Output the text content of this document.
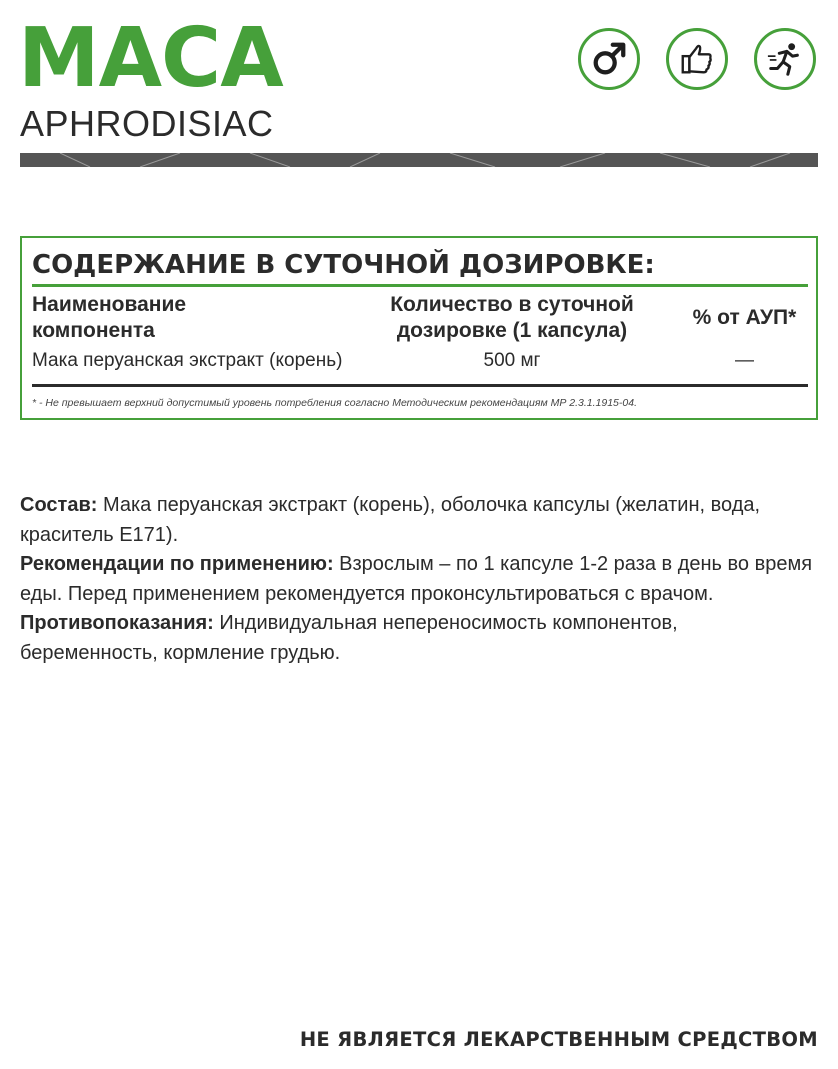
MACA
APHRODISIAC
СОДЕРЖАНИЕ В СУТОЧНОЙ ДОЗИРОВКЕ:
Наименование компонента
Количество в суточной дозировке (1 капсула)
% от АУП*
Мака перуанская экстракт (корень)	500 мг	—
* - Не превышает верхний допустимый уровень потребления согласно Методическим рекомендациям МР 2.3.1.1915-04.

Состав: Мака перуанская экстракт (корень), оболочка капсулы (желатин, вода, краситель Е171).

Рекомендации по применению: Взрослым – по 1 капсуле 1-2 раза в день во время еды. Перед применением рекомендуется проконсультироваться с врачом.

Противопоказания: Индивидуальная непереносимость компонентов, беременность, кормление грудью.

НЕ ЯВЛЯЕТСЯ ЛЕКАРСТВЕННЫМ СРЕДСТВОМ
